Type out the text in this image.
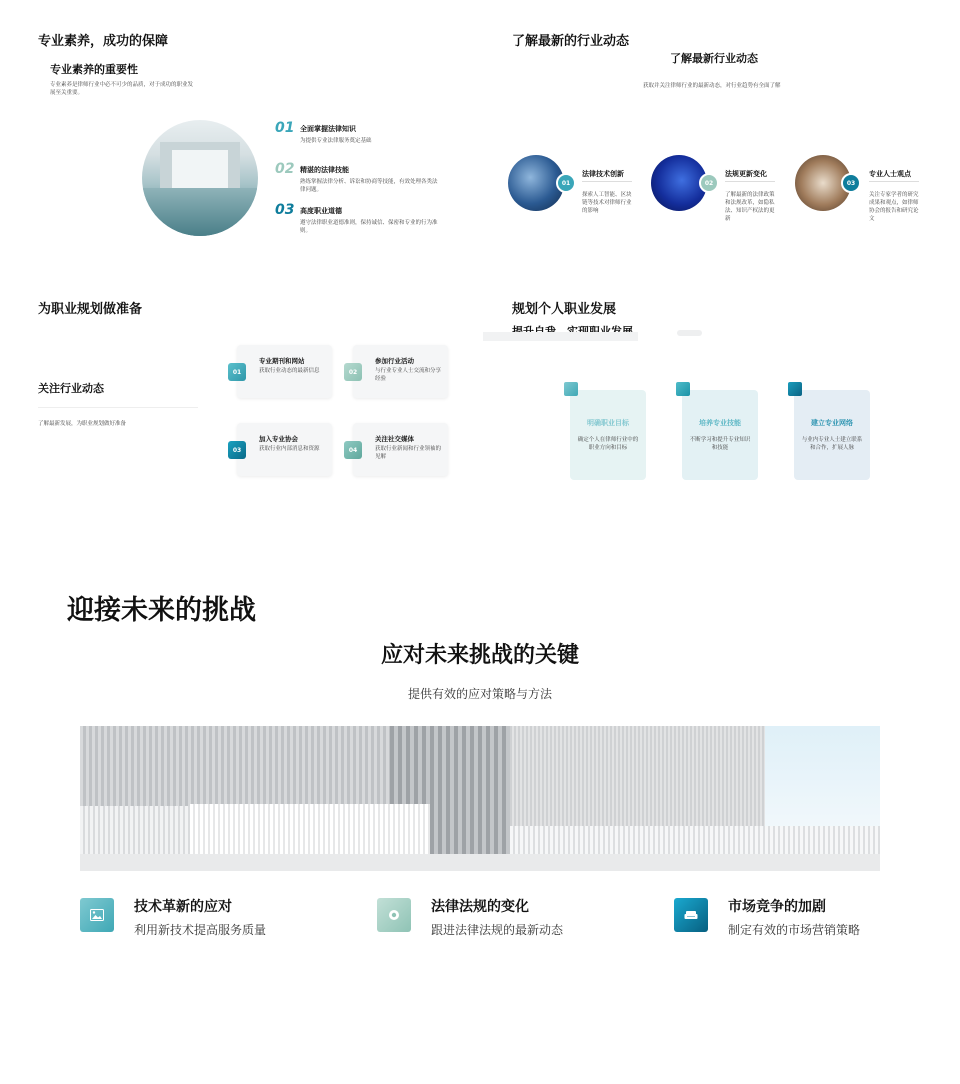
专业素养，成功的保障
专业素养的重要性
专业素养是律师行业中必不可少的品质，对于成功的职业发展至关重要。
01 全面掌握法律知识
为提供专业法律服务奠定基础
02 精湛的法律技能
熟练掌握法律分析、诉讼和协商等技能，有效处理各类法律问题。
03 高度职业道德
遵守法律职业道德准则，保持诚信、保密和专业的行为准则。
了解最新的行业动态
了解最新行业动态
获取并关注律师行业的最新动态，对行业趋势有全面了解
01
法律技术创新
探索人工智能、区块链等技术对律师行业的影响
02
法规更新变化
了解最新的法律政策和法规改革，如隐私法、知识产权法的更新
03
专业人士观点
关注专家学者的研究成果和观点，如律师协会的报告和研究论文
为职业规划做准备
关注行业动态
了解最新发展，为职业规划做好准备
专业期刊和网站
获取行业动态的最新信息
01
参加行业活动
与行业专业人士交流和分享经验
02
加入专业协会
获取行业内部消息和资源
03
关注社交媒体
获取行业新闻和行业领袖的见解
04
规划个人职业发展
明确职业目标
确定个人在律师行业中的职业方向和目标
培养专业技能
不断学习和提升专业知识和技能
建立专业网络
与业内专业人士建立联系和合作，扩展人脉
迎接未来的挑战
应对未来挑战的关键
提供有效的应对策略与方法
技术革新的应对
利用新技术提高服务质量
法律法规的变化
跟进法律法规的最新动态
市场竞争的加剧
制定有效的市场营销策略
